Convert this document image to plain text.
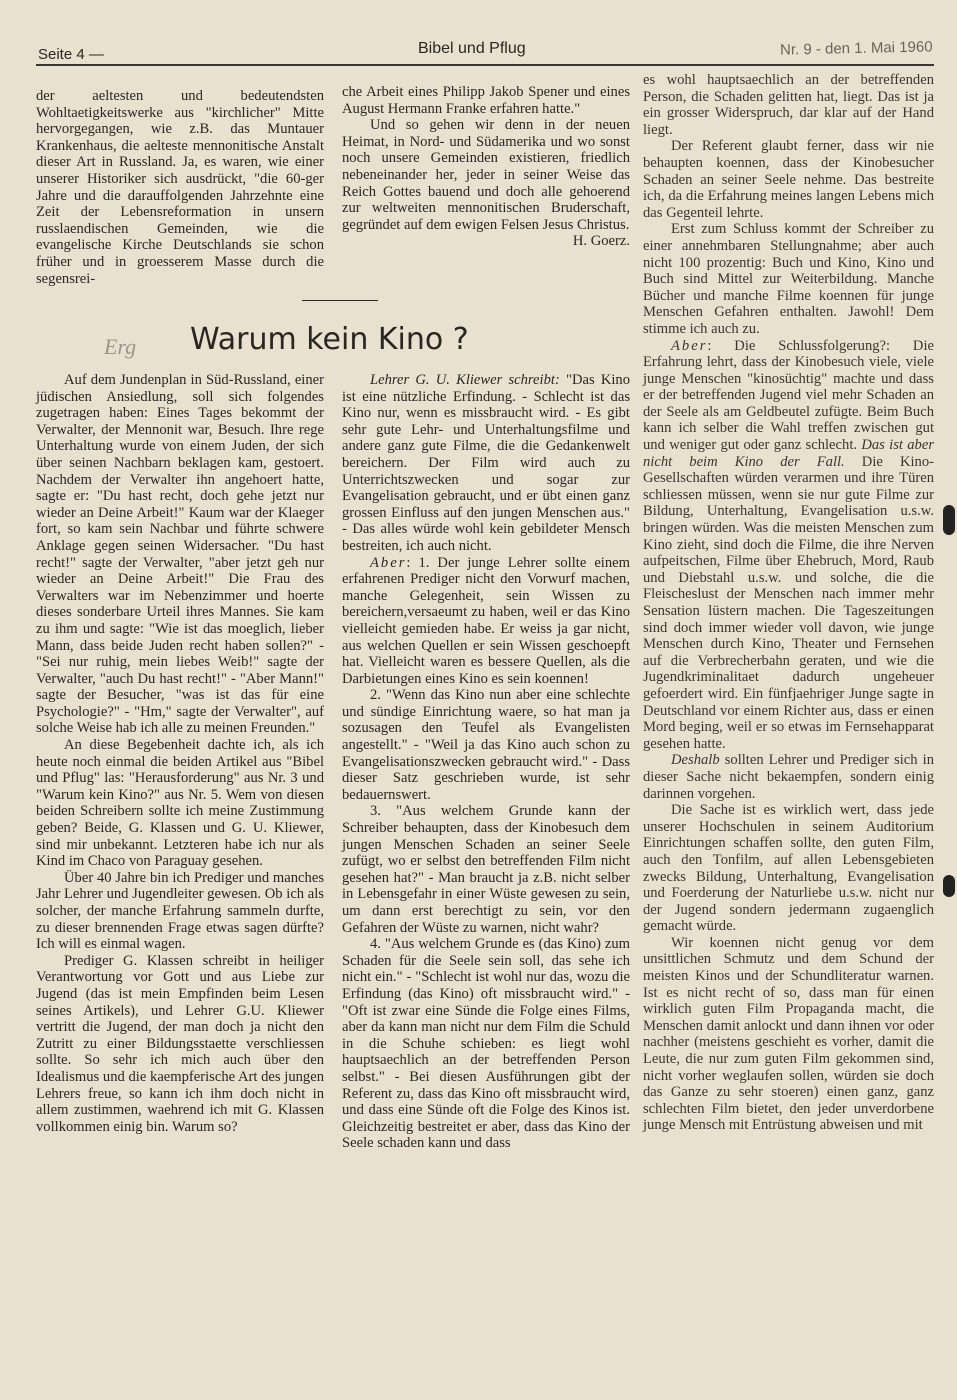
Seite 4 —	Bibel und Pflug	Nr. 9 - den 1. Mai 1960

der aeltesten und bedeutendsten Wohltaetigkeitswerke aus "kirchlicher" Mitte hervorgegangen, wie z.B. das Muntauer Krankenhaus, die aelteste mennonitische Anstalt dieser Art in Russland. Ja, es waren, wie einer unserer Historiker sich ausdrückt, "die 60-ger Jahre und die darauffolgenden Jahrzehnte eine Zeit der Lebensreformation in unsern russlaendischen Gemeinden, wie die evangelische Kirche Deutschlands sie schon früher und in groesserem Masse durch die segensrei-

che Arbeit eines Philipp Jakob Spener und eines August Hermann Franke erfahren hatte."

Und so gehen wir denn in der neuen Heimat, in Nord- und Südamerika und wo sonst noch unsere Gemeinden existieren, friedlich nebeneinander her, jeder in seiner Weise das Reich Gottes bauend und doch alle gehoerend zur weltweiten mennonitischen Bruderschaft, gegründet auf dem ewigen Felsen Jesus Christus.

H. Goerz.

Erg Warum kein Kino ?

Auf dem Jundenplan in Süd-Russland, einer jüdischen Ansiedlung, soll sich folgendes zugetragen haben: Eines Tages bekommt der Verwalter, der Mennonit war, Besuch. Ihre rege Unterhaltung wurde von einem Juden, der sich über seinen Nachbarn beklagen kam, gestoert. Nachdem der Verwalter ihn angehoert hatte, sagte er: "Du hast recht, doch gehe jetzt nur wieder an Deine Arbeit!" Kaum war der Klaeger fort, so kam sein Nachbar und führte schwere Anklage gegen seinen Widersacher. "Du hast recht!" sagte der Verwalter, "aber jetzt geh nur wieder an Deine Arbeit!" Die Frau des Verwalters war im Nebenzimmer und hoerte dieses sonderbare Urteil ihres Mannes. Sie kam zu ihm und sagte: "Wie ist das moeglich, lieber Mann, dass beide Juden recht haben sollen?" - "Sei nur ruhig, mein liebes Weib!" sagte der Verwalter, "auch Du hast recht!" - "Aber Mann!" sagte der Besucher, "was ist das für eine Psychologie?" - "Hm," sagte der Verwalter", auf solche Weise hab ich alle zu meinen Freunden."

An diese Begebenheit dachte ich, als ich heute noch einmal die beiden Artikel aus "Bibel und Pflug" las: "Herausforderung" aus Nr. 3 und "Warum kein Kino?" aus Nr. 5. Wem von diesen beiden Schreibern sollte ich meine Zustimmung geben? Beide, G. Klassen und G. U. Kliewer, sind mir unbekannt. Letzteren habe ich nur als Kind im Chaco von Paraguay gesehen.

Über 40 Jahre bin ich Prediger und manches Jahr Lehrer und Jugendleiter gewesen. Ob ich als solcher, der manche Erfahrung sammeln durfte, zu dieser brennenden Frage etwas sagen dürfte? Ich will es einmal wagen.

Prediger G. Klassen schreibt in heiliger Verantwortung vor Gott und aus Liebe zur Jugend (das ist mein Empfinden beim Lesen seines Artikels), und Lehrer G.U. Kliewer vertritt die Jugend, der man doch ja nicht den Zutritt zu einer Bildungsstaette verschliessen sollte. So sehr ich mich auch über den Idealismus und die kaempferische Art des jungen Lehrers freue, so kann ich ihm doch nicht in allem zustimmen, waehrend ich mit G. Klassen vollkommen einig bin. Warum so?

Lehrer G. U. Kliewer schreibt: "Das Kino ist eine nützliche Erfindung. - Schlecht ist das Kino nur, wenn es missbraucht wird. - Es gibt sehr gute Lehr- und Unterhaltungsfilme und andere ganz gute Filme, die die Gedankenwelt bereichern. Der Film wird auch zu Unterrichtszwecken und sogar zur Evangelisation gebraucht, und er übt einen ganz grossen Einfluss auf den jungen Menschen aus." - Das alles würde wohl kein gebildeter Mensch bestreiten, ich auch nicht.

Aber: 1. Der junge Lehrer sollte einem erfahrenen Prediger nicht den Vorwurf machen, manche Gelegenheit, sein Wissen zu bereichern,versaeumt zu haben, weil er das Kino vielleicht gemieden habe. Er weiss ja gar nicht, aus welchen Quellen er sein Wissen geschoepft hat. Vielleicht waren es bessere Quellen, als die Darbietungen eines Kino es sein koennen!

2. "Wenn das Kino nun aber eine schlechte und sündige Einrichtung waere, so hat man ja sozusagen den Teufel als Evangelisten angestellt." - "Weil ja das Kino auch schon zu Evangelisationszwecken gebraucht wird." - Dass dieser Satz geschrieben wurde, ist sehr bedauernswert.

3. "Aus welchem Grunde kann der Schreiber behaupten, dass der Kinobesuch dem jungen Menschen Schaden an seiner Seele zufügt, wo er selbst den betreffenden Film nicht gesehen hat?" - Man braucht ja z.B. nicht selber in Lebensgefahr in einer Wüste gewesen zu sein, um dann erst berechtigt zu sein, vor den Gefahren der Wüste zu warnen, nicht wahr?

4. "Aus welchem Grunde es (das Kino) zum Schaden für die Seele sein soll, das sehe ich nicht ein." - "Schlecht ist wohl nur das, wozu die Erfindung (das Kino) oft missbraucht wird." - "Oft ist zwar eine Sünde die Folge eines Films, aber da kann man nicht nur dem Film die Schuld in die Schuhe schieben: es liegt wohl hauptsaechlich an der betreffenden Person selbst." - Bei diesen Ausführungen gibt der Referent zu, dass das Kino oft missbraucht wird, und dass eine Sünde oft die Folge des Kinos ist. Gleichzeitig bestreitet er aber, dass das Kino der Seele schaden kann und dass

es wohl hauptsaechlich an der betreffenden Person, die Schaden gelitten hat, liegt. Das ist ja ein grosser Widerspruch, dar klar auf der Hand liegt.

Der Referent glaubt ferner, dass wir nie behaupten koennen, dass der Kinobesucher Schaden an seiner Seele nehme. Das bestreite ich, da die Erfahrung meines langen Lebens mich das Gegenteil lehrte.

Erst zum Schluss kommt der Schreiber zu einer annehmbaren Stellungnahme; aber auch nicht 100 prozentig: Buch und Kino, Kino und Buch sind Mittel zur Weiterbildung. Manche Bücher und manche Filme koennen für junge Menschen Gefahren enthalten. Jawohl! Dem stimme ich auch zu.

Aber: Die Schlussfolgerung?: Die Erfahrung lehrt, dass der Kinobesuch viele, viele junge Menschen "kinosüchtig" machte und dass er der betreffenden Jugend viel mehr Schaden an der Seele als am Geldbeutel zufügte. Beim Buch kann ich selber die Wahl treffen zwischen gut und weniger gut oder ganz schlecht. Das ist aber nicht beim Kino der Fall. Die Kino-Gesellschaften würden verarmen und ihre Türen schliessen müssen, wenn sie nur gute Filme zur Bildung, Unterhaltung, Evangelisation u.s.w. bringen würden. Was die meisten Menschen zum Kino zieht, sind doch die Filme, die ihre Nerven aufpeitschen, Filme über Ehebruch, Mord, Raub und Diebstahl u.s.w. und solche, die die Fleischeslust der Menschen nach immer mehr Sensation lüstern machen. Die Tageszeitungen sind doch immer wieder voll davon, wie junge Menschen durch Kino, Theater und Fernsehen auf die Verbrecherbahn geraten, und wie die Jugendkriminalitaet dadurch ungeheuer gefoerdert wird. Ein fünfjaehriger Junge sagte in Deutschland vor einem Richter aus, dass er einen Mord beging, weil er so etwas im Fernsehapparat gesehen hatte.

Deshalb sollten Lehrer und Prediger sich in dieser Sache nicht bekaempfen, sondern einig darinnen vorgehen.

Die Sache ist es wirklich wert, dass jede unserer Hochschulen in seinem Auditorium Einrichtungen schaffen sollte, den guten Film, auch den Tonfilm, auf allen Lebensgebieten zwecks Bildung, Unterhaltung, Evangelisation und Foerderung der Naturliebe u.s.w. nicht nur der Jugend sondern jedermann zugaenglich gemacht würde.

Wir koennen nicht genug vor dem unsittlichen Schmutz und dem Schund der meisten Kinos und der Schundliteratur warnen. Ist es nicht recht of so, dass man für einen wirklich guten Film Propaganda macht, die Menschen damit anlockt und dann ihnen vor oder nachher (meistens geschieht es vorher, damit die Leute, die nur zum guten Film gekommen sind, nicht vorher weglaufen sollen, würden sie doch das Ganze zu sehr stoeren) einen ganz, ganz schlechten Film bietet, den jeder unverdorbene junge Mensch mit Entrüstung abweisen und mit
